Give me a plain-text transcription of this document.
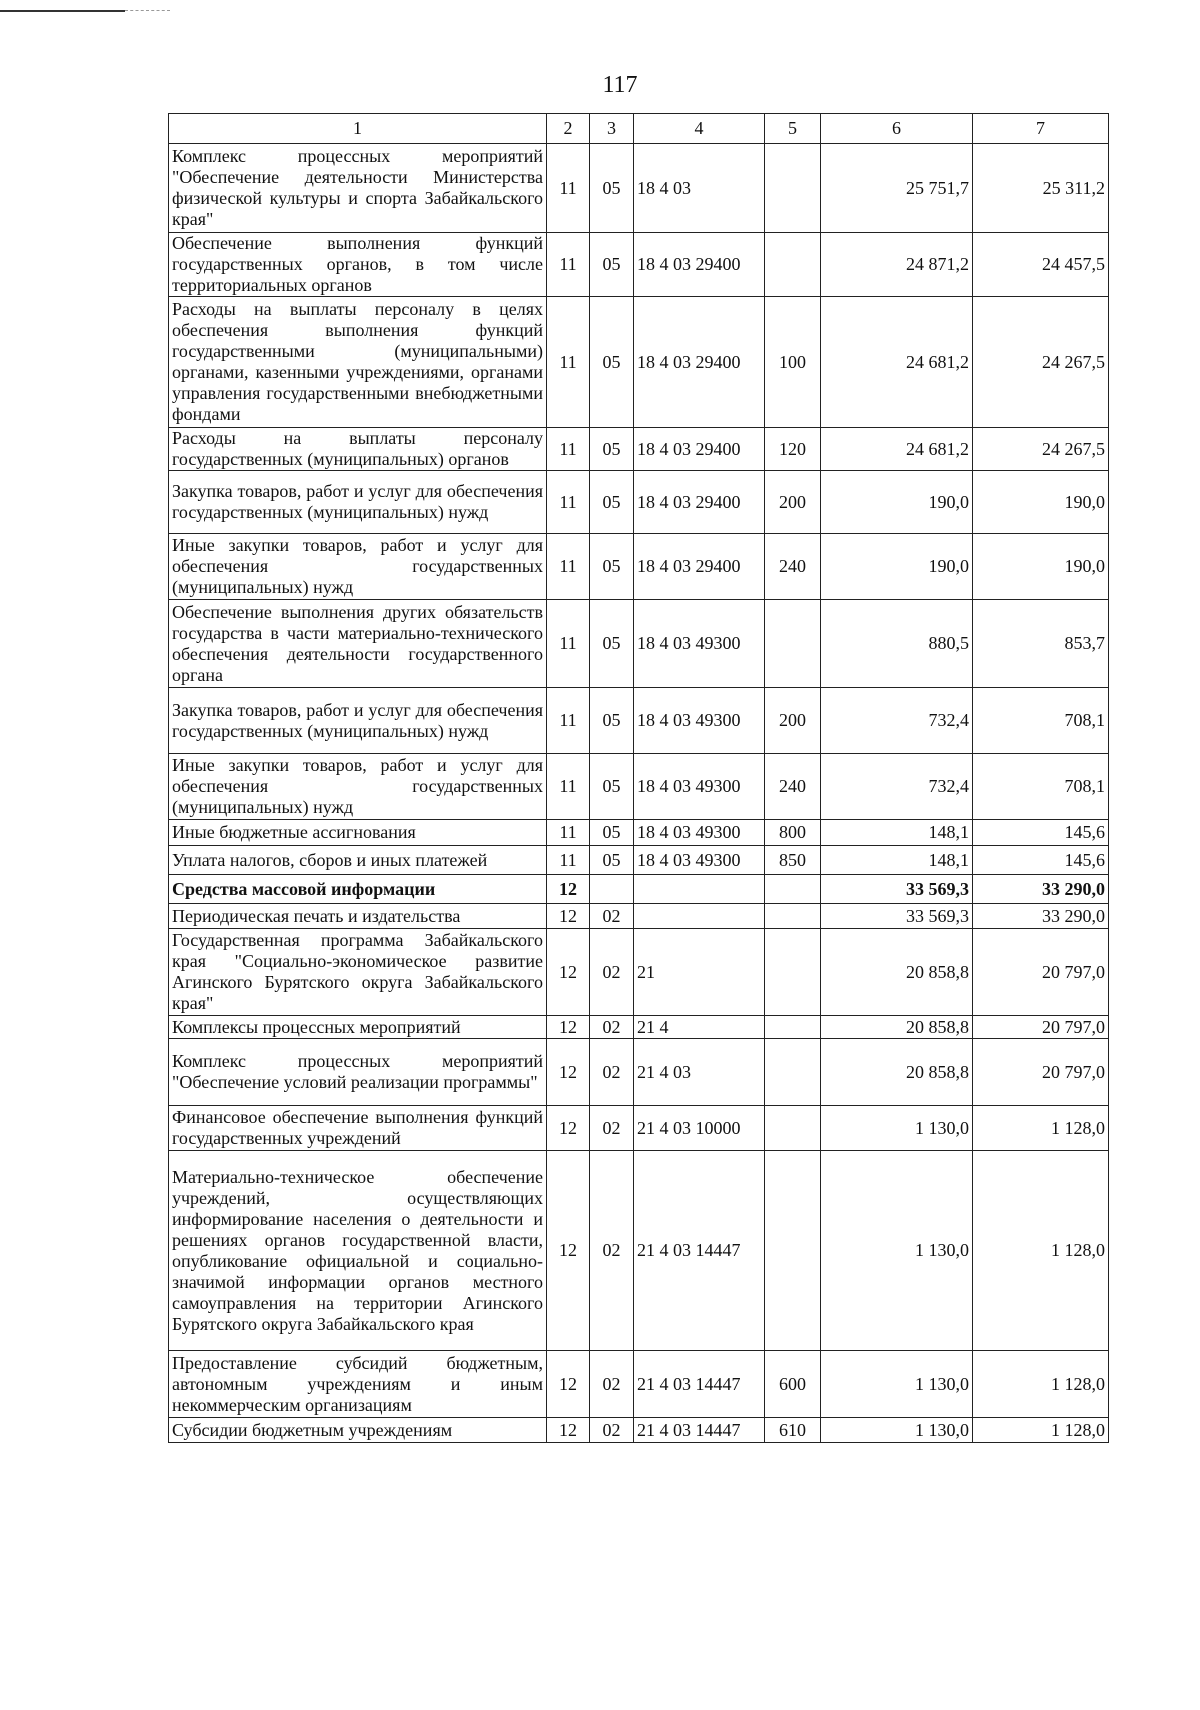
117
1	2	3	4	5	6	7
Комплекс процессных мероприятий "Обеспечение деятельности Министерства физической культуры и спорта Забайкальского края"	11	05	18 4 03		25 751,7	25 311,2
Обеспечение выполнения функций государственных органов, в том числе территориальных органов	11	05	18 4 03 29400		24 871,2	24 457,5
Расходы на выплаты персоналу в целях обеспечения выполнения функций государственными (муниципальными) органами, казенными учреждениями, органами управления государственными внебюджетными фондами	11	05	18 4 03 29400	100	24 681,2	24 267,5
Расходы на выплаты персоналу государственных (муниципальных) органов	11	05	18 4 03 29400	120	24 681,2	24 267,5
Закупка товаров, работ и услуг для обеспечения государственных (муниципальных) нужд	11	05	18 4 03 29400	200	190,0	190,0
Иные закупки товаров, работ и услуг для обеспечения государственных (муниципальных) нужд	11	05	18 4 03 29400	240	190,0	190,0
Обеспечение выполнения других обязательств государства в части материально-технического обеспечения деятельности государственного органа	11	05	18 4 03 49300		880,5	853,7
Закупка товаров, работ и услуг для обеспечения государственных (муниципальных) нужд	11	05	18 4 03 49300	200	732,4	708,1
Иные закупки товаров, работ и услуг для обеспечения государственных (муниципальных) нужд	11	05	18 4 03 49300	240	732,4	708,1
Иные бюджетные ассигнования	11	05	18 4 03 49300	800	148,1	145,6
Уплата налогов, сборов и иных платежей	11	05	18 4 03 49300	850	148,1	145,6
Средства массовой информации	12				33 569,3	33 290,0
Периодическая печать и издательства	12	02			33 569,3	33 290,0
Государственная программа Забайкальского края "Социально-экономическое развитие Агинского Бурятского округа Забайкальского края"	12	02	21		20 858,8	20 797,0
Комплексы процессных мероприятий	12	02	21 4		20 858,8	20 797,0
Комплекс процессных мероприятий "Обеспечение условий реализации программы"	12	02	21 4 03		20 858,8	20 797,0
Финансовое обеспечение выполнения функций государственных учреждений	12	02	21 4 03 10000		1 130,0	1 128,0
Материально-техническое обеспечение учреждений, осуществляющих информирование населения о деятельности и решениях органов государственной власти, опубликование официальной и социально-значимой информации органов местного самоуправления на территории Агинского Бурятского округа Забайкальского края	12	02	21 4 03 14447		1 130,0	1 128,0
Предоставление субсидий бюджетным, автономным учреждениям и иным некоммерческим организациям	12	02	21 4 03 14447	600	1 130,0	1 128,0
Субсидии бюджетным учреждениям	12	02	21 4 03 14447	610	1 130,0	1 128,0
